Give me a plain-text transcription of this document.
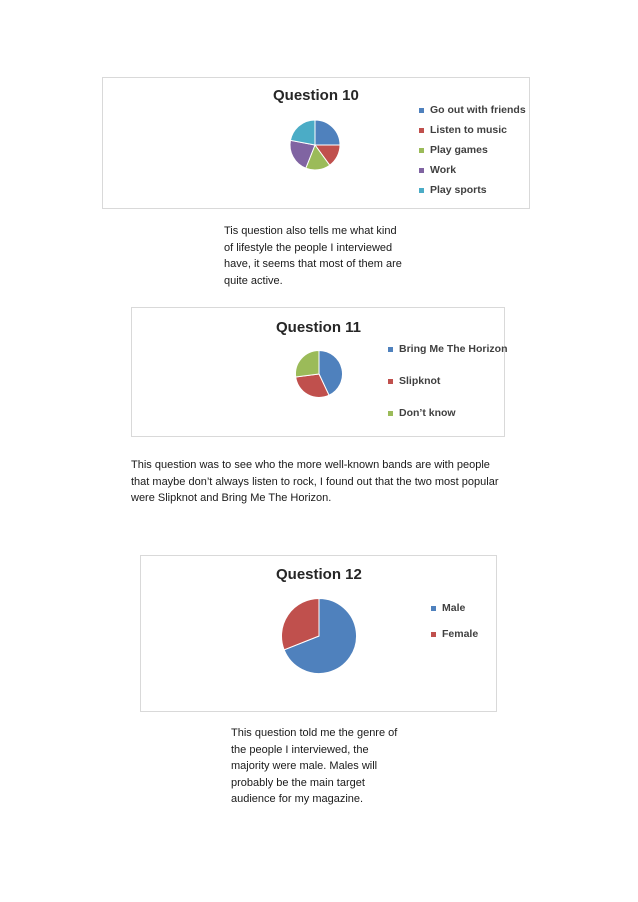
Question 10
Go out with friends
Listen to music
Play games
Work
Play sports

Tis question also tells me what kind
of lifestyle the people I interviewed
have, it seems that most of them are
quite active.

Question 11
Bring Me The Horizon
Slipknot
Don’t know

This question was to see who the more well-known bands are with people
that maybe don’t always listen to rock, I found out that the two most popular
were Slipknot and Bring Me The Horizon.

Question 12
Male
Female

This question told me the genre of
the people I interviewed, the
majority were male. Males will
probably be the main target
audience for my magazine.
